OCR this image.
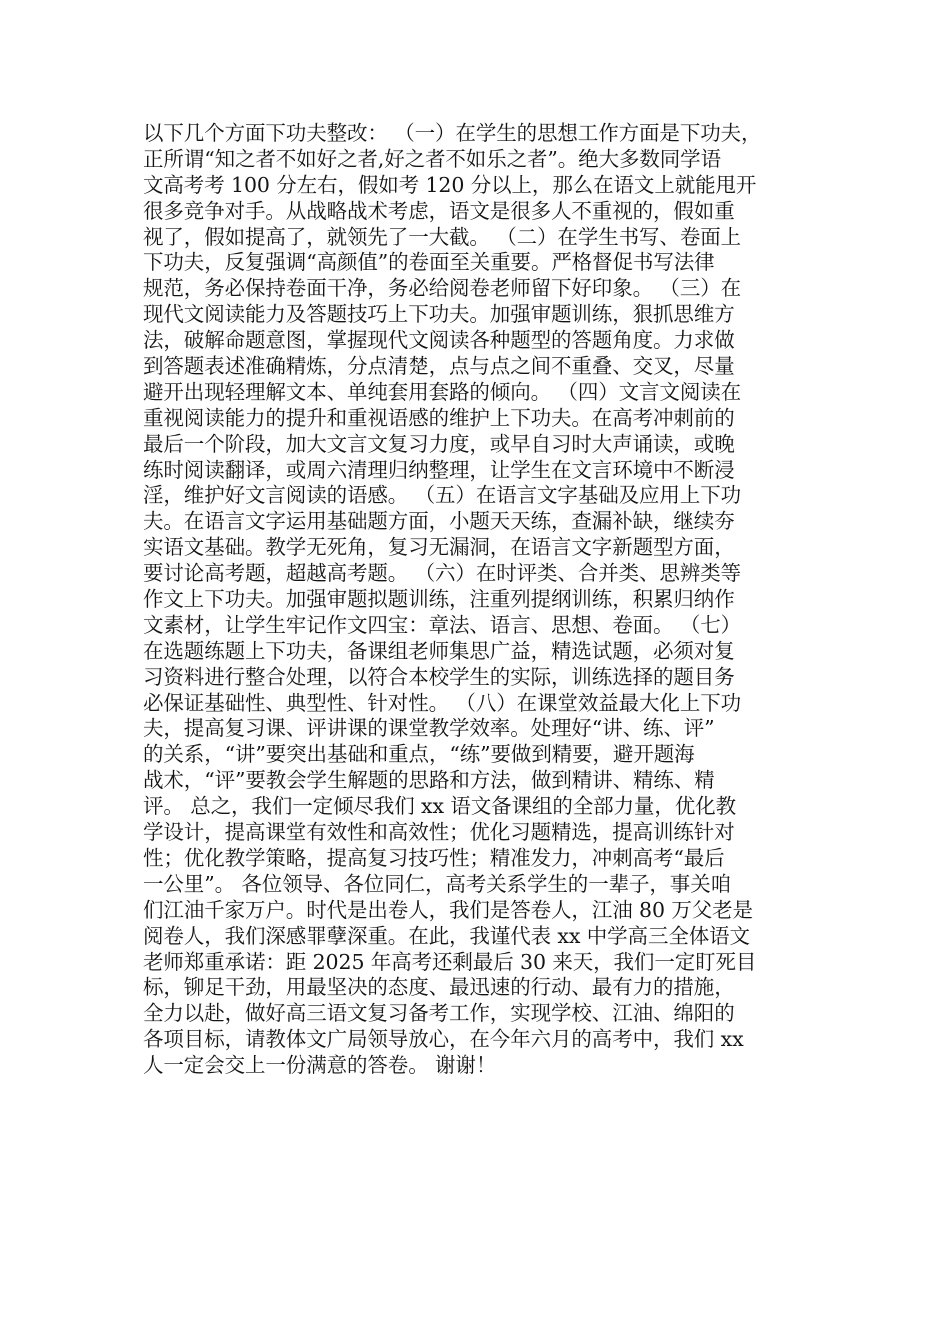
以下几个方面下功夫整改： （一）在学生的思想工作方面是下功夫，
正所谓“知之者不如好之者,好之者不如乐之者”。绝大多数同学语
文高考考 100 分左右，假如考 120 分以上，那么在语文上就能甩开
很多竞争对手。从战略战术考虑，语文是很多人不重视的，假如重
视了，假如提高了，就领先了一大截。 （二）在学生书写、卷面上
下功夫，反复强调“高颜值”的卷面至关重要。严格督促书写法律
规范，务必保持卷面干净，务必给阅卷老师留下好印象。 （三）在
现代文阅读能力及答题技巧上下功夫。加强审题训练，狠抓思维方
法，破解命题意图，掌握现代文阅读各种题型的答题角度。力求做
到答题表述准确精炼，分点清楚，点与点之间不重叠、交叉，尽量
避开出现轻理解文本、单纯套用套路的倾向。 （四）文言文阅读在
重视阅读能力的提升和重视语感的维护上下功夫。在高考冲刺前的
最后一个阶段，加大文言文复习力度，或早自习时大声诵读，或晚
练时阅读翻译，或周六清理归纳整理，让学生在文言环境中不断浸
淫，维护好文言阅读的语感。 （五）在语言文字基础及应用上下功
夫。在语言文字运用基础题方面，小题天天练，查漏补缺，继续夯
实语文基础。教学无死角，复习无漏洞，在语言文字新题型方面，
要讨论高考题，超越高考题。 （六）在时评类、合并类、思辨类等
作文上下功夫。加强审题拟题训练，注重列提纲训练，积累归纳作
文素材，让学生牢记作文四宝：章法、语言、思想、卷面。 （七）
在选题练题上下功夫，备课组老师集思广益，精选试题，必须对复
习资料进行整合处理，以符合本校学生的实际，训练选择的题目务
必保证基础性、典型性、针对性。 （八）在课堂效益最大化上下功
夫，提高复习课、评讲课的课堂教学效率。处理好“讲、练、评”
的关系，“讲”要突出基础和重点，“练”要做到精要，避开题海
战术，“评”要教会学生解题的思路和方法，做到精讲、精练、精
评。 总之，我们一定倾尽我们 xx 语文备课组的全部力量，优化教
学设计，提高课堂有效性和高效性；优化习题精选，提高训练针对
性；优化教学策略，提高复习技巧性；精准发力，冲刺高考“最后
一公里”。 各位领导、各位同仁，高考关系学生的一辈子，事关咱
们江油千家万户。时代是出卷人，我们是答卷人，江油 80 万父老是
阅卷人，我们深感罪孽深重。在此，我谨代表 xx 中学高三全体语文
老师郑重承诺：距 2025 年高考还剩最后 30 来天，我们一定盯死目
标，铆足干劲，用最坚决的态度、最迅速的行动、最有力的措施，
全力以赴，做好高三语文复习备考工作，实现学校、江油、绵阳的
各项目标，请教体文广局领导放心，在今年六月的高考中，我们 xx
人一定会交上一份满意的答卷。 谢谢！
